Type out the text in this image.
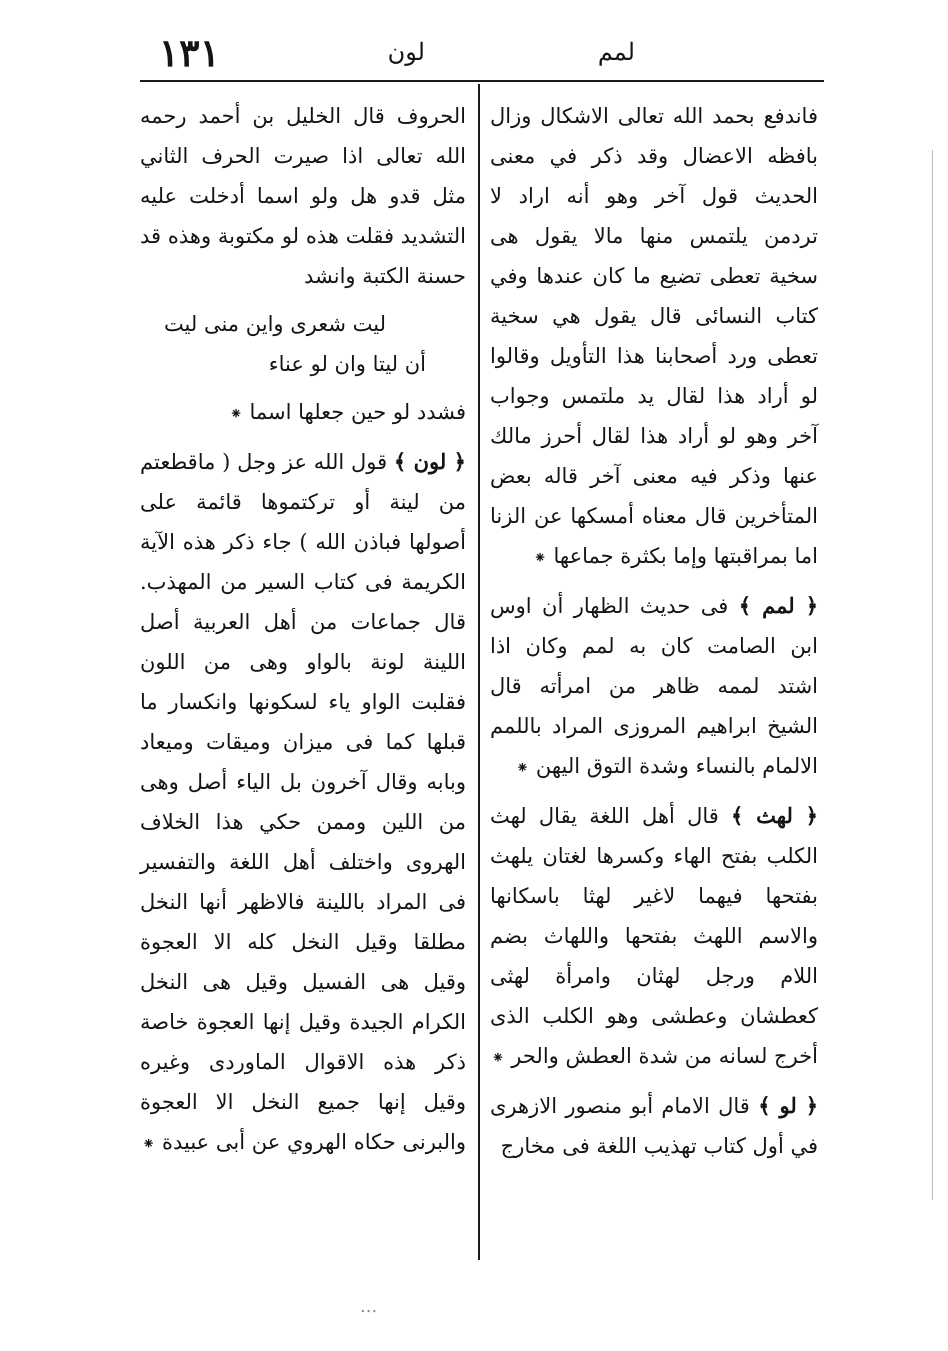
لمم
لون
١٣١

فاندفع بحمد الله تعالى الاشكال وزال بافظه الاعضال وقد ذكر في معنى الحديث قول آخر وهو أنه اراد لا تردمن يلتمس منها مالا يقول هى سخية تعطى تضيع ما كان عندها وفي كتاب النسائى قال يقول هي سخية تعطى ورد أصحابنا هذا التأويل وقالوا لو أراد هذا لقال يد ملتمس وجواب آخر وهو لو أراد هذا لقال أحرز مالك عنها وذكر فيه معنى آخر قاله بعض المتأخرين قال معناه أمسكها عن الزنا اما بمراقبتها وإما بكثرة جماعها ⁕

﴿ لمم ﴾ فى حديث الظهار أن اوس ابن الصامت كان به لمم وكان اذا اشتد لممه ظاهر من امرأته قال الشيخ ابراهيم المروزى المراد باللمم الالمام بالنساء وشدة التوق اليهن ⁕

﴿ لهث ﴾ قال أهل اللغة يقال لهث الكلب بفتح الهاء وكسرها لغتان يلهث بفتحها فيهما لاغير لهثا باسكانها والاسم اللهث بفتحها واللهاث بضم اللام ورجل لهثان وامرأة لهثى كعطشان وعطشى وهو الكلب الذى أخرج لسانه من شدة العطش والحر ⁕

﴿ لو ﴾ قال الامام أبو منصور الازهرى في أول كتاب تهذيب اللغة فى مخارج

الحروف قال الخليل بن أحمد رحمه الله تعالى اذا صيرت الحرف الثاني مثل قدو هل ولو اسما أدخلت عليه التشديد فقلت هذه لو مكتوبة وهذه قد حسنة الكتبة وانشد

ليت شعرى واين منى ليت
أن ليتا وان لو عناء

فشدد لو حين جعلها اسما ⁕

﴿ لون ﴾ قول الله عز وجل ( ماقطعتم من لينة أو تركتموها قائمة على أصولها فباذن الله ) جاء ذكر هذه الآية الكريمة فى كتاب السير من المهذب. قال جماعات من أهل العربية أصل اللينة لونة بالواو وهى من اللون فقلبت الواو ياء لسكونها وانكسار ما قبلها كما فى ميزان وميقات وميعاد وبابه وقال آخرون بل الياء أصل وهى من اللين وممن حكي هذا الخلاف الهروى واختلف أهل اللغة والتفسير فى المراد باللينة فالاظهر أنها النخل مطلقا وقيل النخل كله الا العجوة وقيل هى الفسيل وقيل هى النخل الكرام الجيدة وقيل إنها العجوة خاصة ذكر هذه الاقوال الماوردى وغيره وقيل إنها جميع النخل الا العجوة والبرنى حكاه الهروي عن أبى عبيدة ⁕

...
